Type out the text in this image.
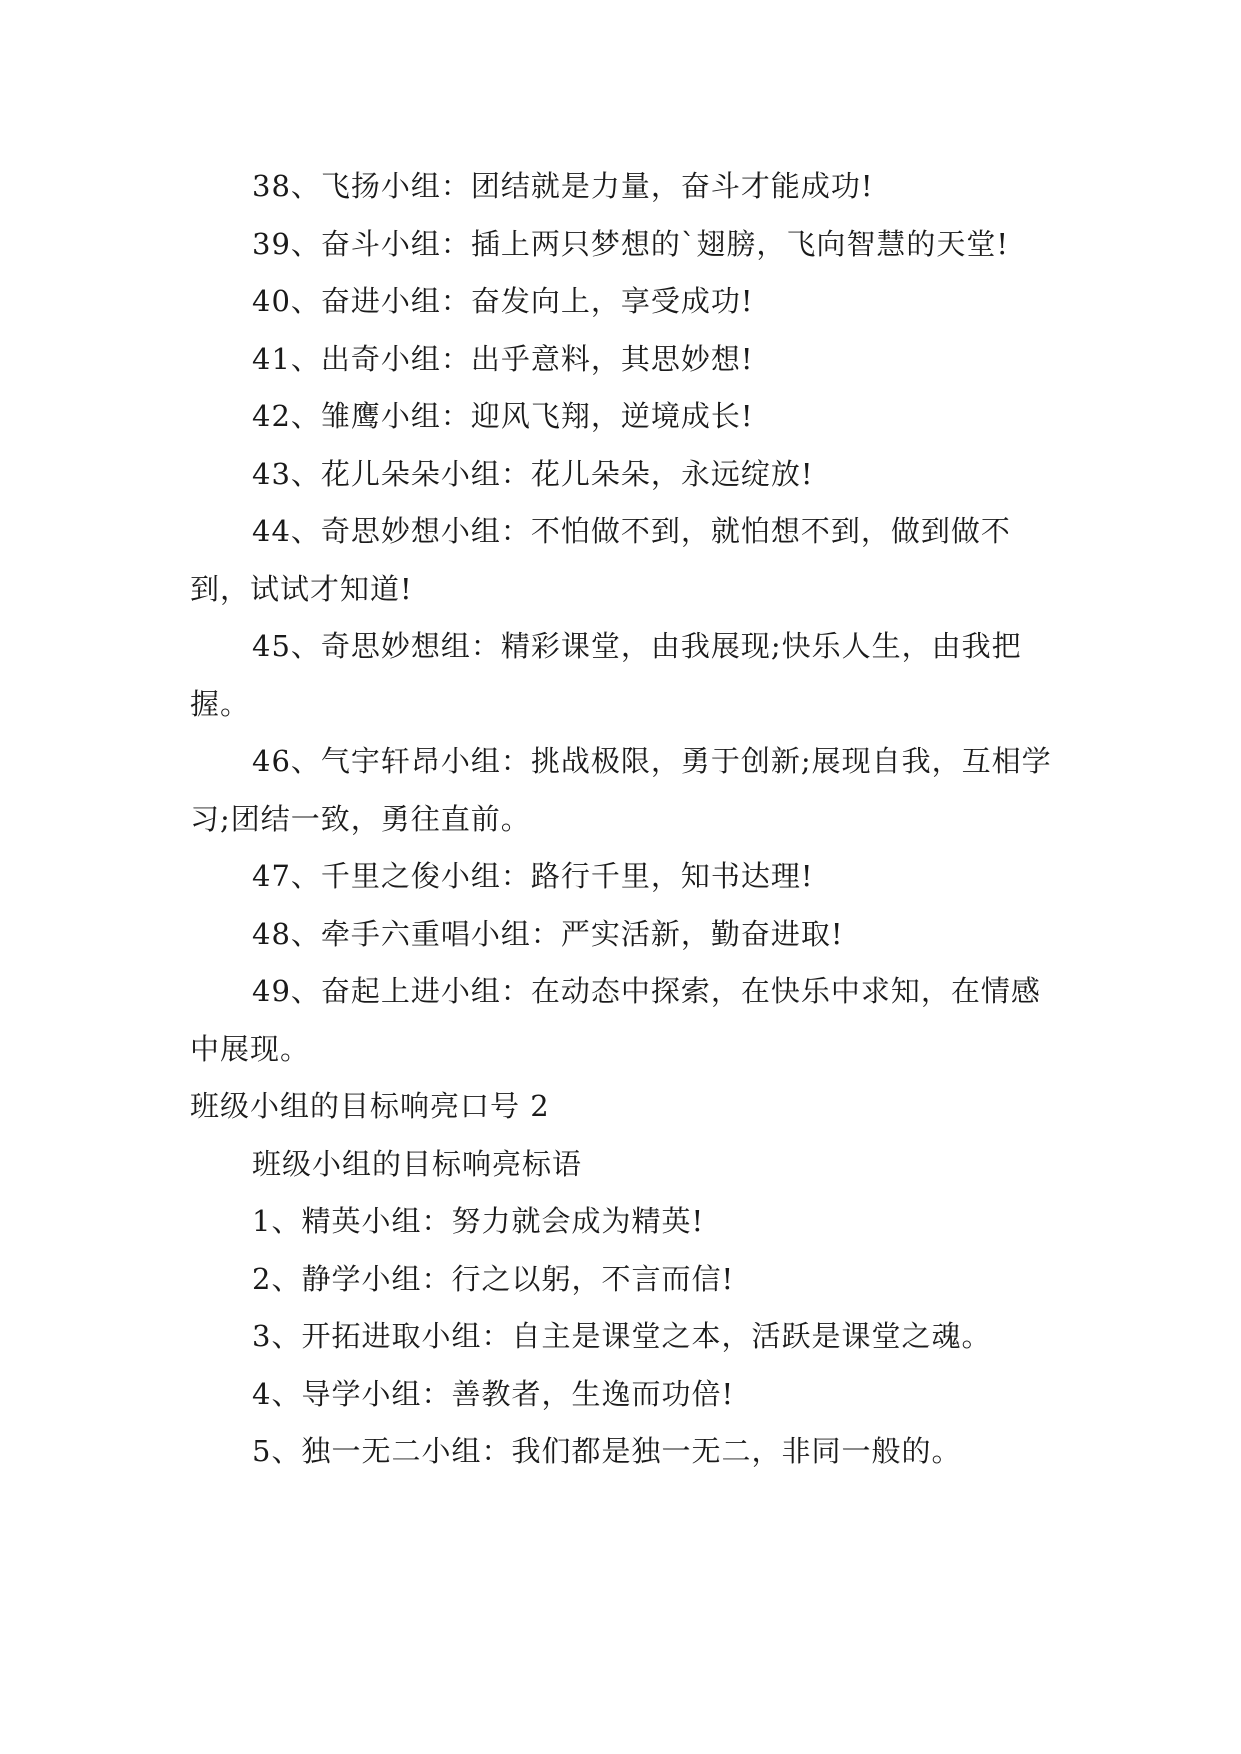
38、飞扬小组：团结就是力量，奋斗才能成功!

39、奋斗小组：插上两只梦想的`翅膀，飞向智慧的天堂!

40、奋进小组：奋发向上，享受成功!

41、出奇小组：出乎意料，其思妙想!

42、雏鹰小组：迎风飞翔，逆境成长!

43、花儿朵朵小组：花儿朵朵，永远绽放!

44、奇思妙想小组：不怕做不到，就怕想不到，做到做不到，试试才知道!

45、奇思妙想组：精彩课堂，由我展现;快乐人生，由我把握。

46、气宇轩昂小组：挑战极限，勇于创新;展现自我，互相学习;团结一致，勇往直前。

47、千里之俊小组：路行千里，知书达理!

48、牵手六重唱小组：严实活新，勤奋进取!

49、奋起上进小组：在动态中探索，在快乐中求知，在情感中展现。

班级小组的目标响亮口号 2

班级小组的目标响亮标语

1、精英小组：努力就会成为精英!

2、静学小组：行之以躬，不言而信!

3、开拓进取小组：自主是课堂之本，活跃是课堂之魂。

4、导学小组：善教者，生逸而功倍!

5、独一无二小组：我们都是独一无二，非同一般的。
